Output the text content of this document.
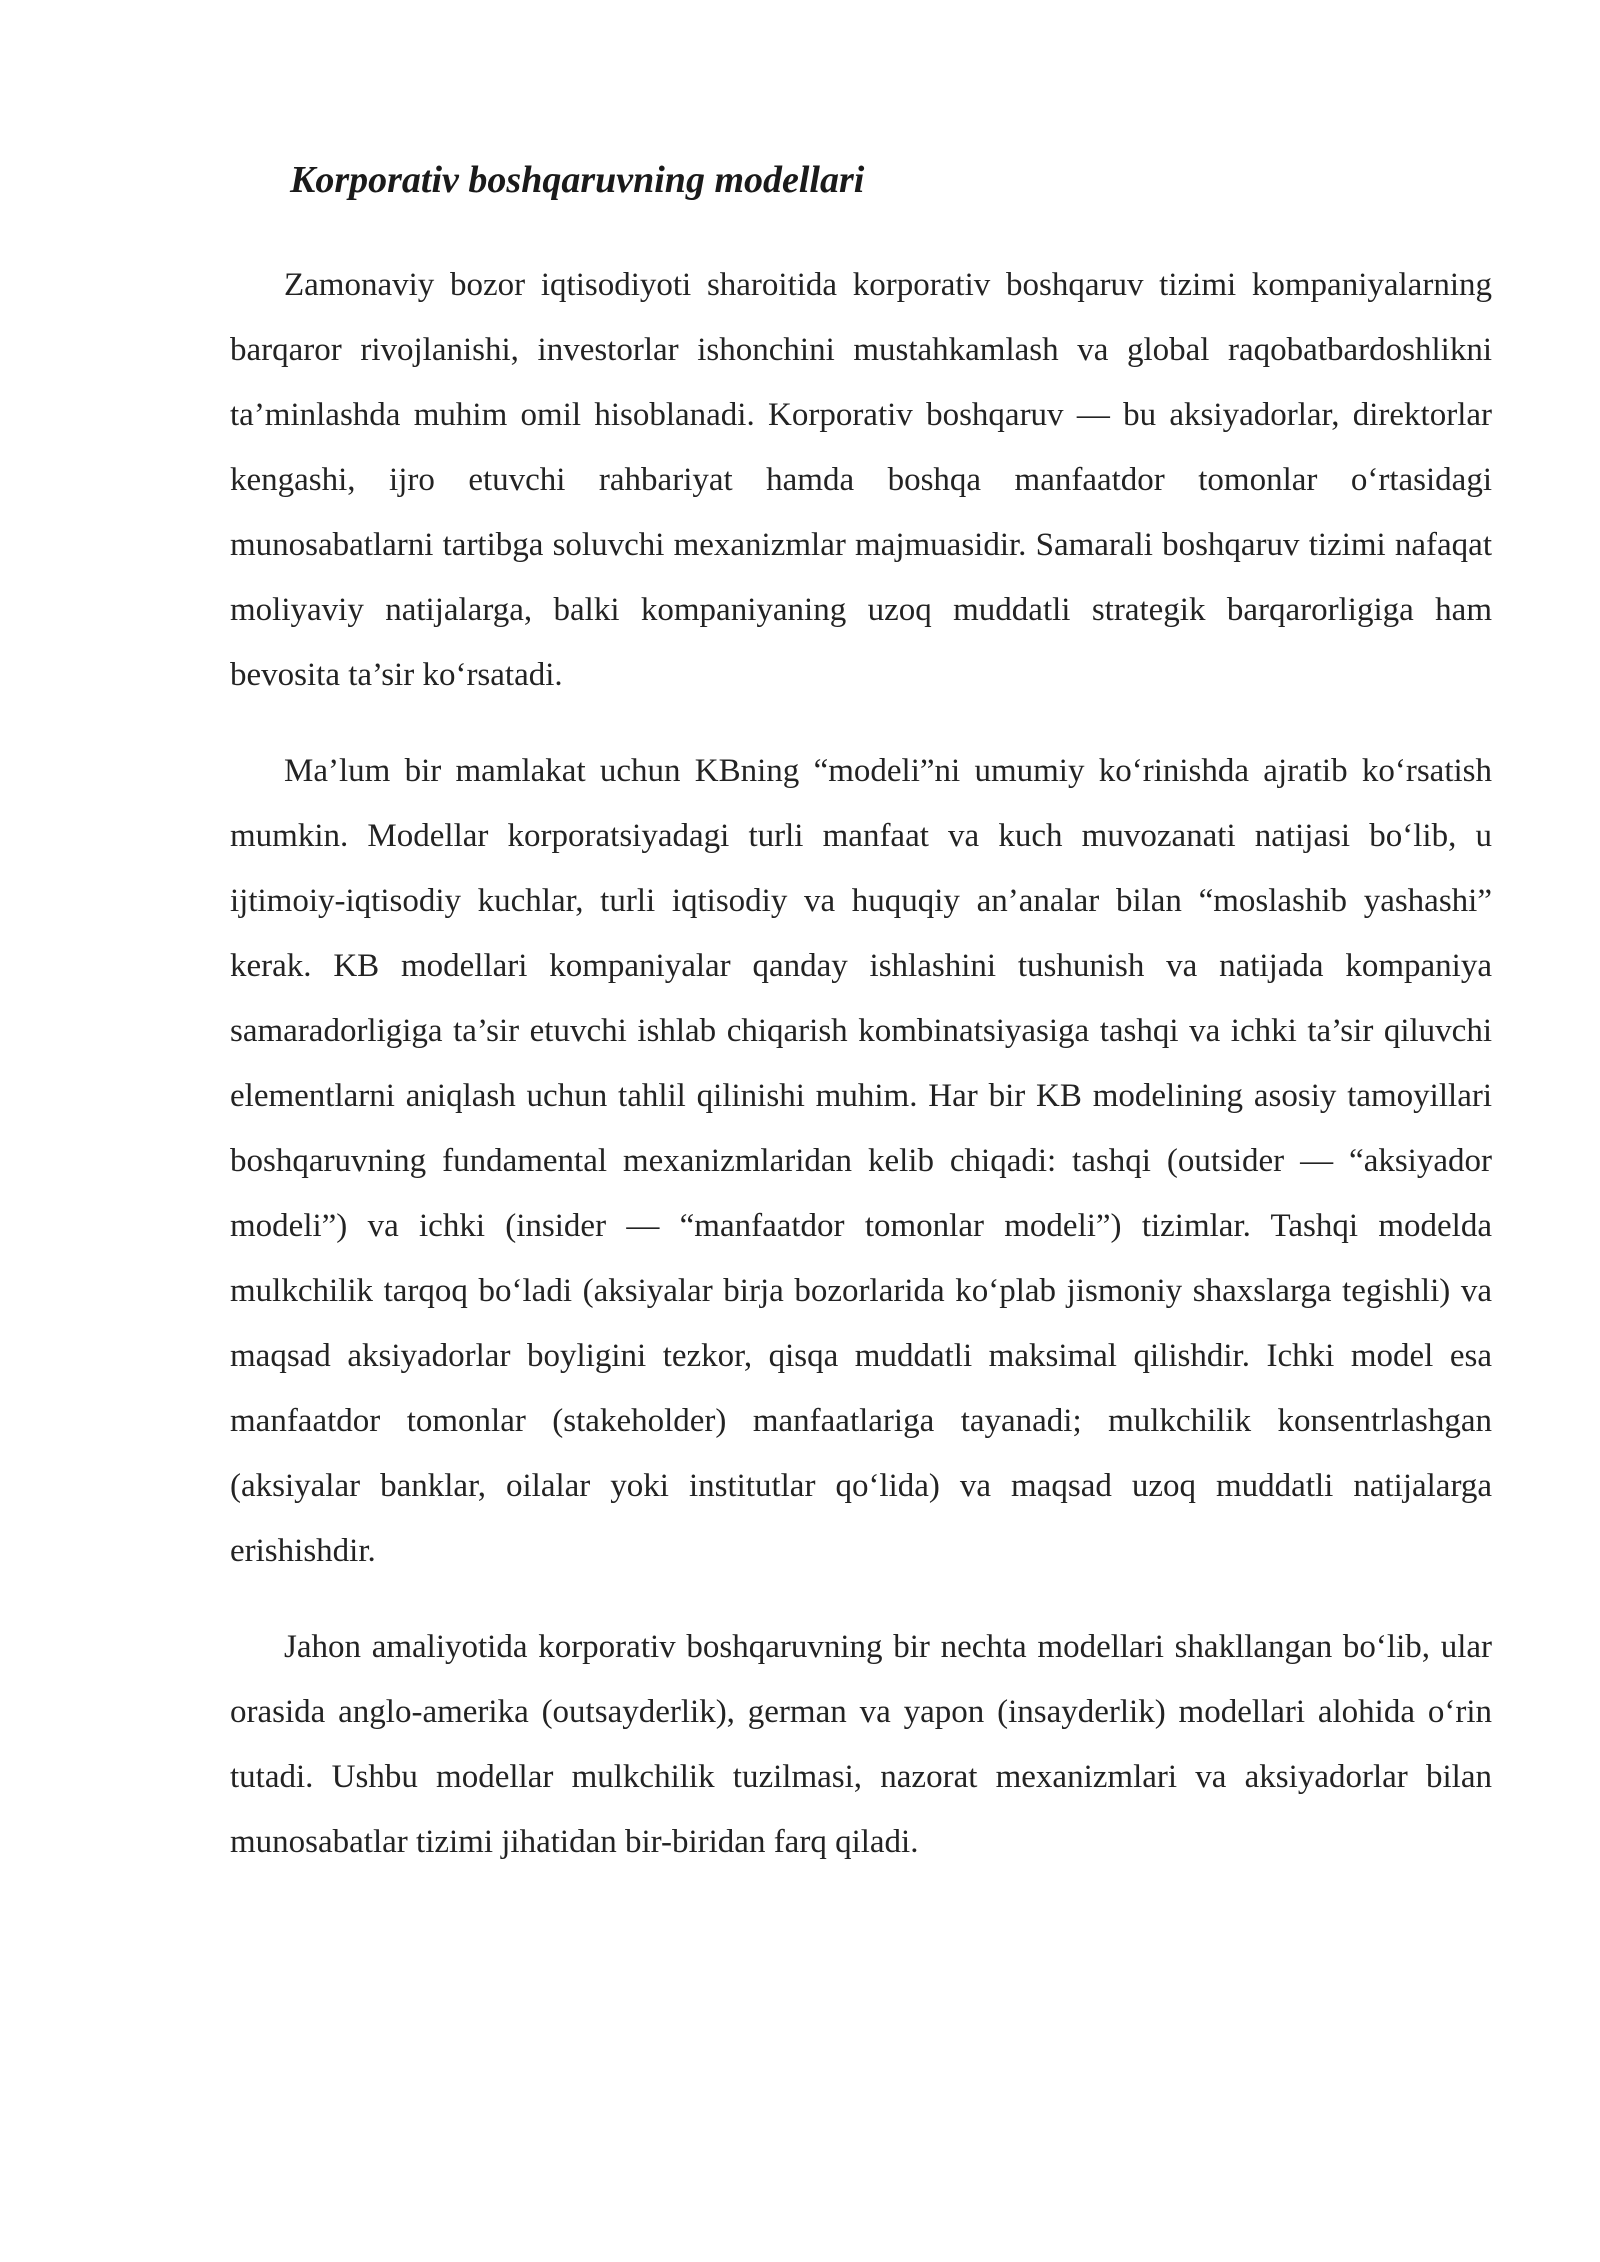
Korporativ boshqaruvning modellari

Zamonaviy bozor iqtisodiyoti sharoitida korporativ boshqaruv tizimi kompaniyalarning barqaror rivojlanishi, investorlar ishonchini mustahkamlash va global raqobatbardoshlikni ta’minlashda muhim omil hisoblanadi. Korporativ boshqaruv — bu aksiyadorlar, direktorlar kengashi, ijro etuvchi rahbariyat hamda boshqa manfaatdor tomonlar o‘rtasidagi munosabatlarni tartibga soluvchi mexanizmlar majmuasidir. Samarali boshqaruv tizimi nafaqat moliyaviy natijalarga, balki kompaniyaning uzoq muddatli strategik barqarorligiga ham bevosita ta’sir ko‘rsatadi.

Ma’lum bir mamlakat uchun KBning “modeli”ni umumiy ko‘rinishda ajratib ko‘rsatish mumkin. Modellar korporatsiyadagi turli manfaat va kuch muvozanati natijasi bo‘lib, u ijtimoiy-iqtisodiy kuchlar, turli iqtisodiy va huquqiy an’analar bilan “moslashib yashashi” kerak. KB modellari kompaniyalar qanday ishlashini tushunish va natijada kompaniya samaradorligiga ta’sir etuvchi ishlab chiqarish kombinatsiyasiga tashqi va ichki ta’sir qiluvchi elementlarni aniqlash uchun tahlil qilinishi muhim. Har bir KB modelining asosiy tamoyillari boshqaruvning fundamental mexanizmlaridan kelib chiqadi: tashqi (outsider — “aksiyador modeli”) va ichki (insider — “manfaatdor tomonlar modeli”) tizimlar. Tashqi modelda mulkchilik tarqoq bo‘ladi (aksiyalar birja bozorlarida ko‘plab jismoniy shaxslarga tegishli) va maqsad aksiyadorlar boyligini tezkor, qisqa muddatli maksimal qilishdir. Ichki model esa manfaatdor tomonlar (stakeholder) manfaatlariga tayanadi; mulkchilik konsentrlashgan (aksiyalar banklar, oilalar yoki institutlar qo‘lida) va maqsad uzoq muddatli natijalarga erishishdir.

Jahon amaliyotida korporativ boshqaruvning bir nechta modellari shakllangan bo‘lib, ular orasida anglo-amerika (outsayderlik), german va yapon (insayderlik) modellari alohida o‘rin tutadi. Ushbu modellar mulkchilik tuzilmasi, nazorat mexanizmlari va aksiyadorlar bilan munosabatlar tizimi jihatidan bir-biridan farq qiladi.
